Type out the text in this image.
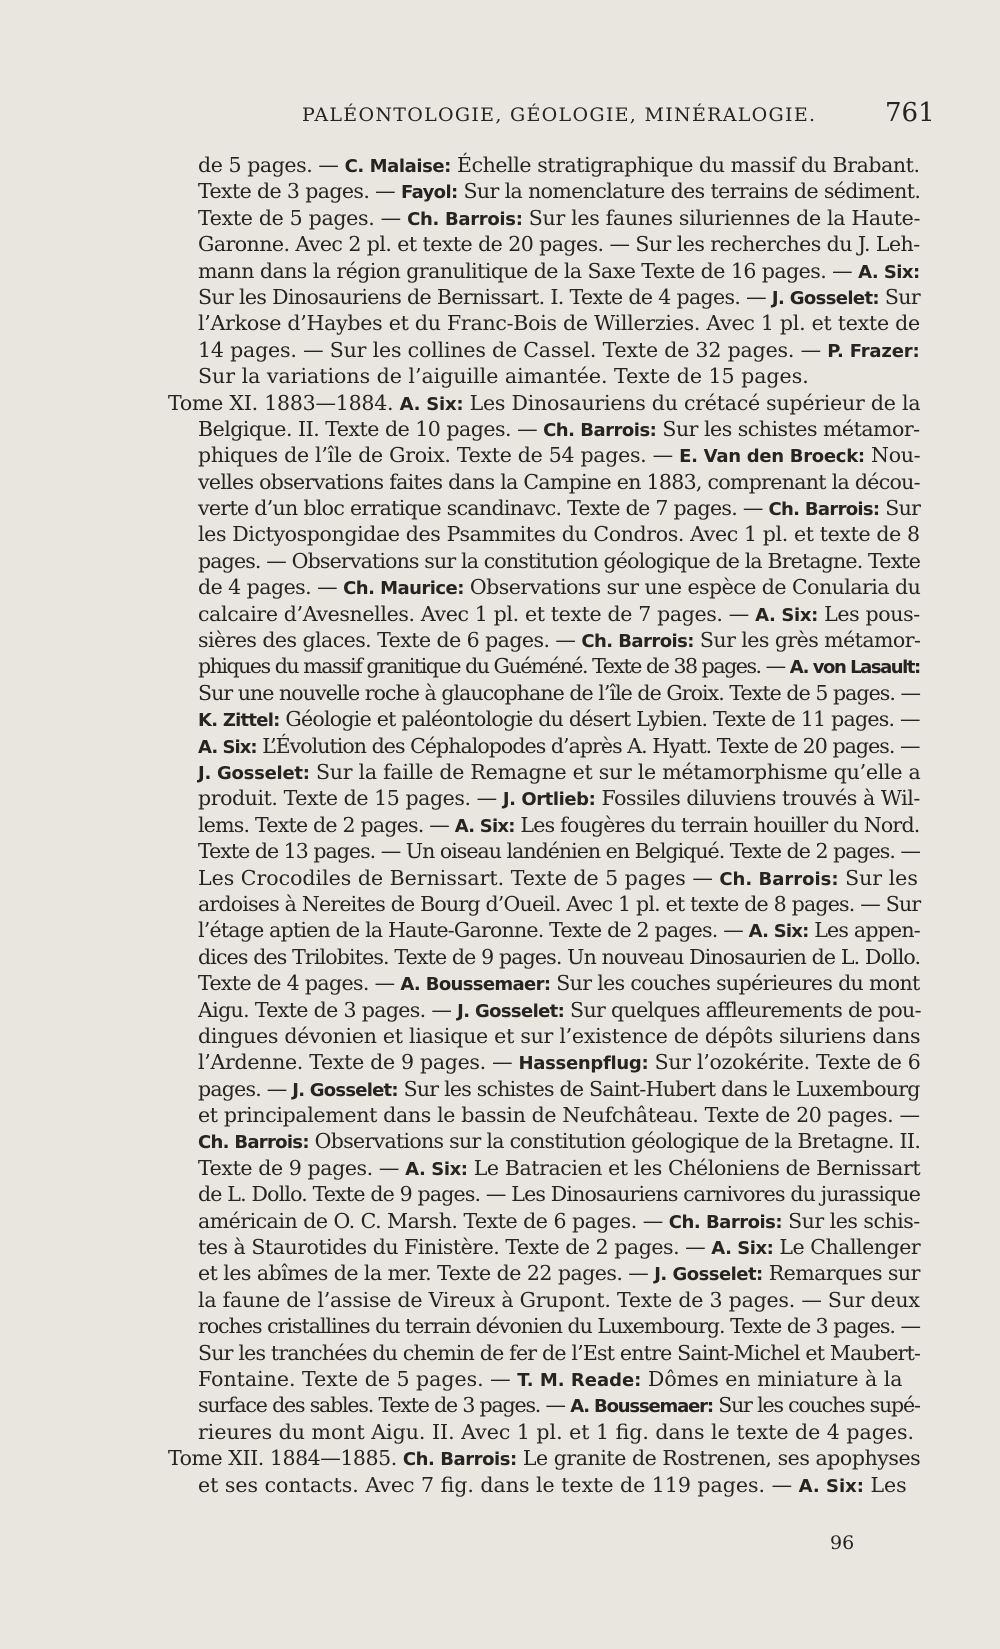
PALÉONTOLOGIE, GÉOLOGIE, MINÉRALOGIE.	761
de 5 pages. — C. Malaise: Échelle stratigraphique du massif du Brabant.
Texte de 3 pages. — Fayol: Sur la nomenclature des terrains de sédiment.
Texte de 5 pages. — Ch. Barrois: Sur les faunes siluriennes de la Haute-
Garonne. Avec 2 pl. et texte de 20 pages. — Sur les recherches du J. Leh-
mann dans la région granulitique de la Saxe Texte de 16 pages. — A. Six:
Sur les Dinosauriens de Bernissart. I. Texte de 4 pages. — J. Gosselet: Sur
l’Arkose d’Haybes et du Franc-Bois de Willerzies. Avec 1 pl. et texte de
14 pages. — Sur les collines de Cassel. Texte de 32 pages. — P. Frazer:
Sur la variations de l’aiguille aimantée. Texte de 15 pages.
Tome XI. 1883—1884. A. Six: Les Dinosauriens du crétacé supérieur de la
Belgique. II. Texte de 10 pages. — Ch. Barrois: Sur les schistes métamor-
phiques de l’île de Groix. Texte de 54 pages. — E. Van den Broeck: Nou-
velles observations faites dans la Campine en 1883, comprenant la décou-
verte d’un bloc erratique scandinavc. Texte de 7 pages. — Ch. Barrois: Sur
les Dictyospongidae des Psammites du Condros. Avec 1 pl. et texte de 8
pages. — Observations sur la constitution géologique de la Bretagne. Texte
de 4 pages. — Ch. Maurice: Observations sur une espèce de Conularia du
calcaire d’Avesnelles. Avec 1 pl. et texte de 7 pages. — A. Six: Les pous-
sières des glaces. Texte de 6 pages. — Ch. Barrois: Sur les grès métamor-
phiques du massif granitique du Guéméné. Texte de 38 pages. — A. von Lasault:
Sur une nouvelle roche à glaucophane de l’île de Groix. Texte de 5 pages. —
K. Zittel: Géologie et paléontologie du désert Lybien. Texte de 11 pages. —
A. Six: L’Évolution des Céphalopodes d’après A. Hyatt. Texte de 20 pages. —
J. Gosselet: Sur la faille de Remagne et sur le métamorphisme qu’elle a
produit. Texte de 15 pages. — J. Ortlieb: Fossiles diluviens trouvés à Wil-
lems. Texte de 2 pages. — A. Six: Les fougères du terrain houiller du Nord.
Texte de 13 pages. — Un oiseau landénien en Belgiqué. Texte de 2 pages. —
Les Crocodiles de Bernissart. Texte de 5 pages — Ch. Barrois: Sur les
ardoises à Nereites de Bourg d’Oueil. Avec 1 pl. et texte de 8 pages. — Sur
l’étage aptien de la Haute-Garonne. Texte de 2 pages. — A. Six: Les appen-
dices des Trilobites. Texte de 9 pages. Un nouveau Dinosaurien de L. Dollo.
Texte de 4 pages. — A. Boussemaer: Sur les couches supérieures du mont
Aigu. Texte de 3 pages. — J. Gosselet: Sur quelques affleurements de pou-
dingues dévonien et liasique et sur l’existence de dépôts siluriens dans
l’Ardenne. Texte de 9 pages. — Hassenpflug: Sur l’ozokérite. Texte de 6
pages. — J. Gosselet: Sur les schistes de Saint-Hubert dans le Luxembourg
et principalement dans le bassin de Neufchâteau. Texte de 20 pages. —
Ch. Barrois: Observations sur la constitution géologique de la Bretagne. II.
Texte de 9 pages. — A. Six: Le Batracien et les Chéloniens de Bernissart
de L. Dollo. Texte de 9 pages. — Les Dinosauriens carnivores du jurassique
américain de O. C. Marsh. Texte de 6 pages. — Ch. Barrois: Sur les schis-
tes à Staurotides du Finistère. Texte de 2 pages. — A. Six: Le Challenger
et les abîmes de la mer. Texte de 22 pages. — J. Gosselet: Remarques sur
la faune de l’assise de Vireux à Grupont. Texte de 3 pages. — Sur deux
roches cristallines du terrain dévonien du Luxembourg. Texte de 3 pages. —
Sur les tranchées du chemin de fer de l’Est entre Saint-Michel et Maubert-
Fontaine. Texte de 5 pages. — T. M. Reade: Dômes en miniature à la
surface des sables. Texte de 3 pages. — A. Boussemaer: Sur les couches supé-
rieures du mont Aigu. II. Avec 1 pl. et 1 fig. dans le texte de 4 pages.
Tome XII. 1884—1885. Ch. Barrois: Le granite de Rostrenen, ses apophyses
et ses contacts. Avec 7 fig. dans le texte de 119 pages. — A. Six: Les
96
